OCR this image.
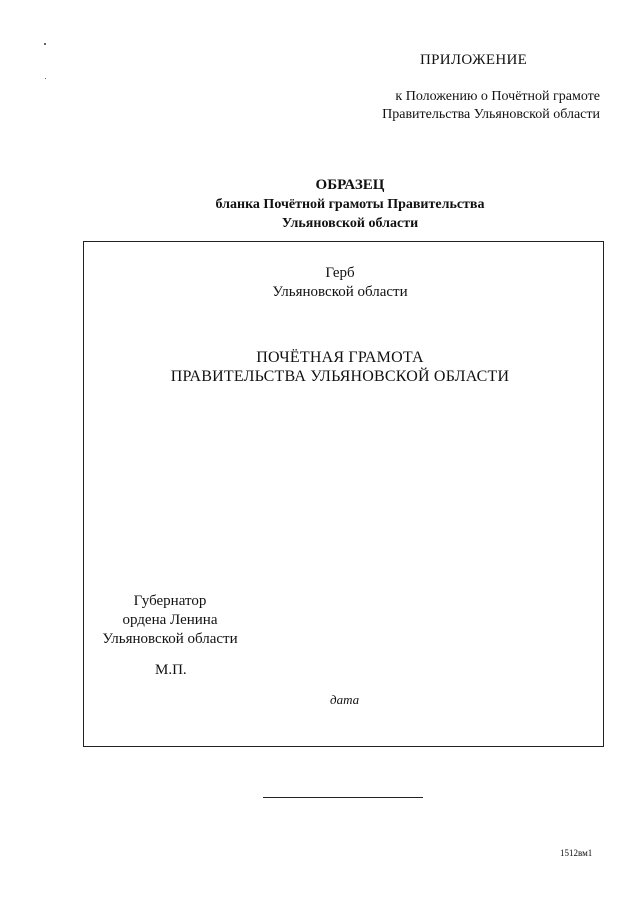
ПРИЛОЖЕНИЕ
к Положению о Почётной грамоте
Правительства Ульяновской области
ОБРАЗЕЦ
бланка Почётной грамоты Правительства
Ульяновской области
Герб
Ульяновской области
ПОЧЁТНАЯ ГРАМОТА
ПРАВИТЕЛЬСТВА УЛЬЯНОВСКОЙ ОБЛАСТИ
Губернатор
ордена Ленина
Ульяновской области
М.П.
дата
1512вм1
